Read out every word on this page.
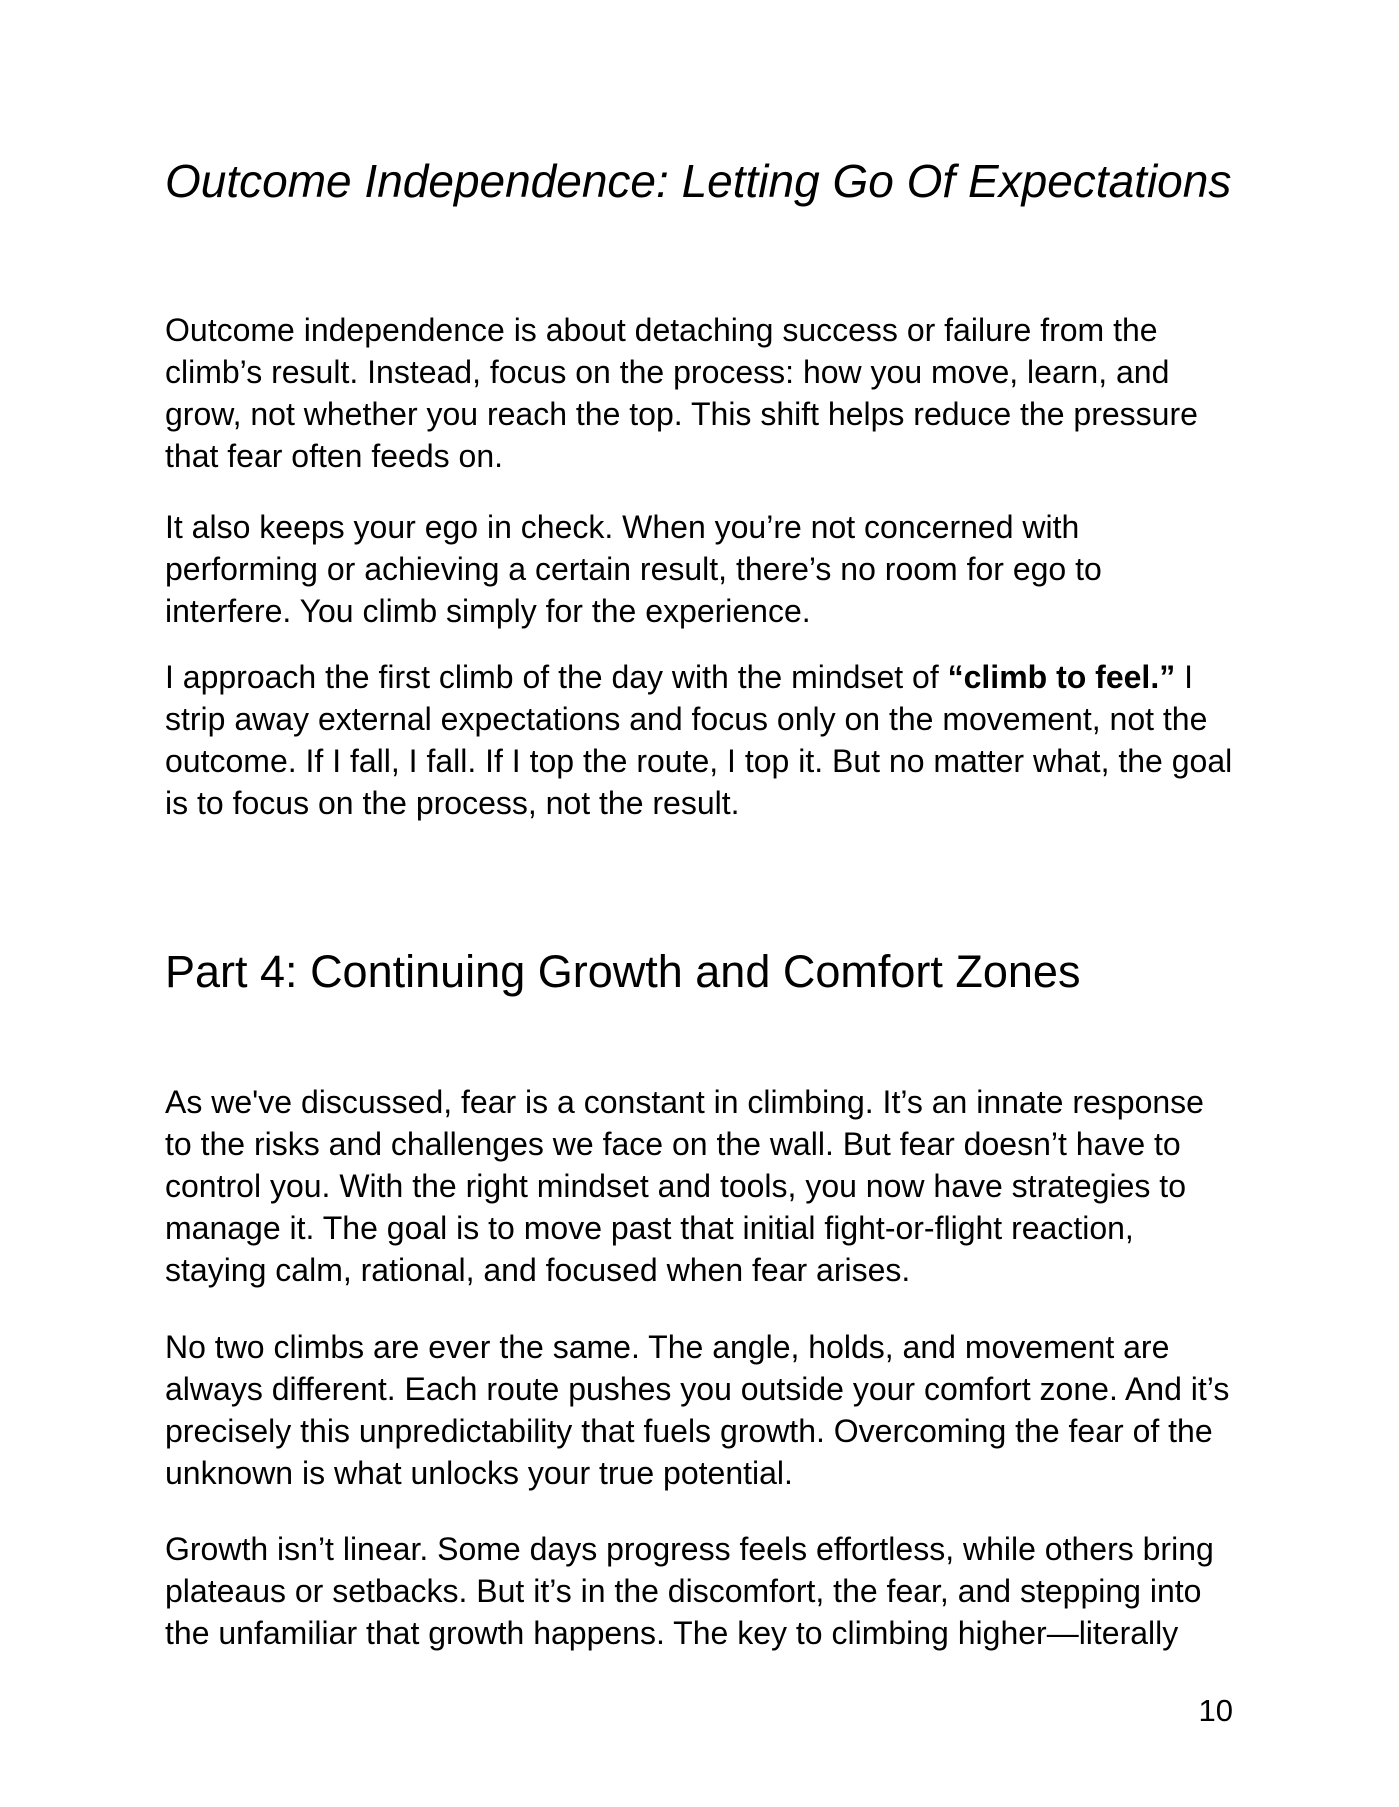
Outcome Independence: Letting Go Of Expectations
Outcome independence is about detaching success or failure from the
climb’s result. Instead, focus on the process: how you move, learn, and
grow, not whether you reach the top. This shift helps reduce the pressure
that fear often feeds on.
It also keeps your ego in check. When you’re not concerned with
performing or achieving a certain result, there’s no room for ego to
interfere. You climb simply for the experience.
I approach the first climb of the day with the mindset of “climb to feel.” I
strip away external expectations and focus only on the movement, not the
outcome. If I fall, I fall. If I top the route, I top it. But no matter what, the goal
is to focus on the process, not the result.
Part 4: Continuing Growth and Comfort Zones
As we've discussed, fear is a constant in climbing. It’s an innate response
to the risks and challenges we face on the wall. But fear doesn’t have to
control you. With the right mindset and tools, you now have strategies to
manage it. The goal is to move past that initial fight-or-flight reaction,
staying calm, rational, and focused when fear arises.
No two climbs are ever the same. The angle, holds, and movement are
always different. Each route pushes you outside your comfort zone. And it’s
precisely this unpredictability that fuels growth. Overcoming the fear of the
unknown is what unlocks your true potential.
Growth isn’t linear. Some days progress feels effortless, while others bring
plateaus or setbacks. But it’s in the discomfort, the fear, and stepping into
the unfamiliar that growth happens. The key to climbing higher—literally
10
